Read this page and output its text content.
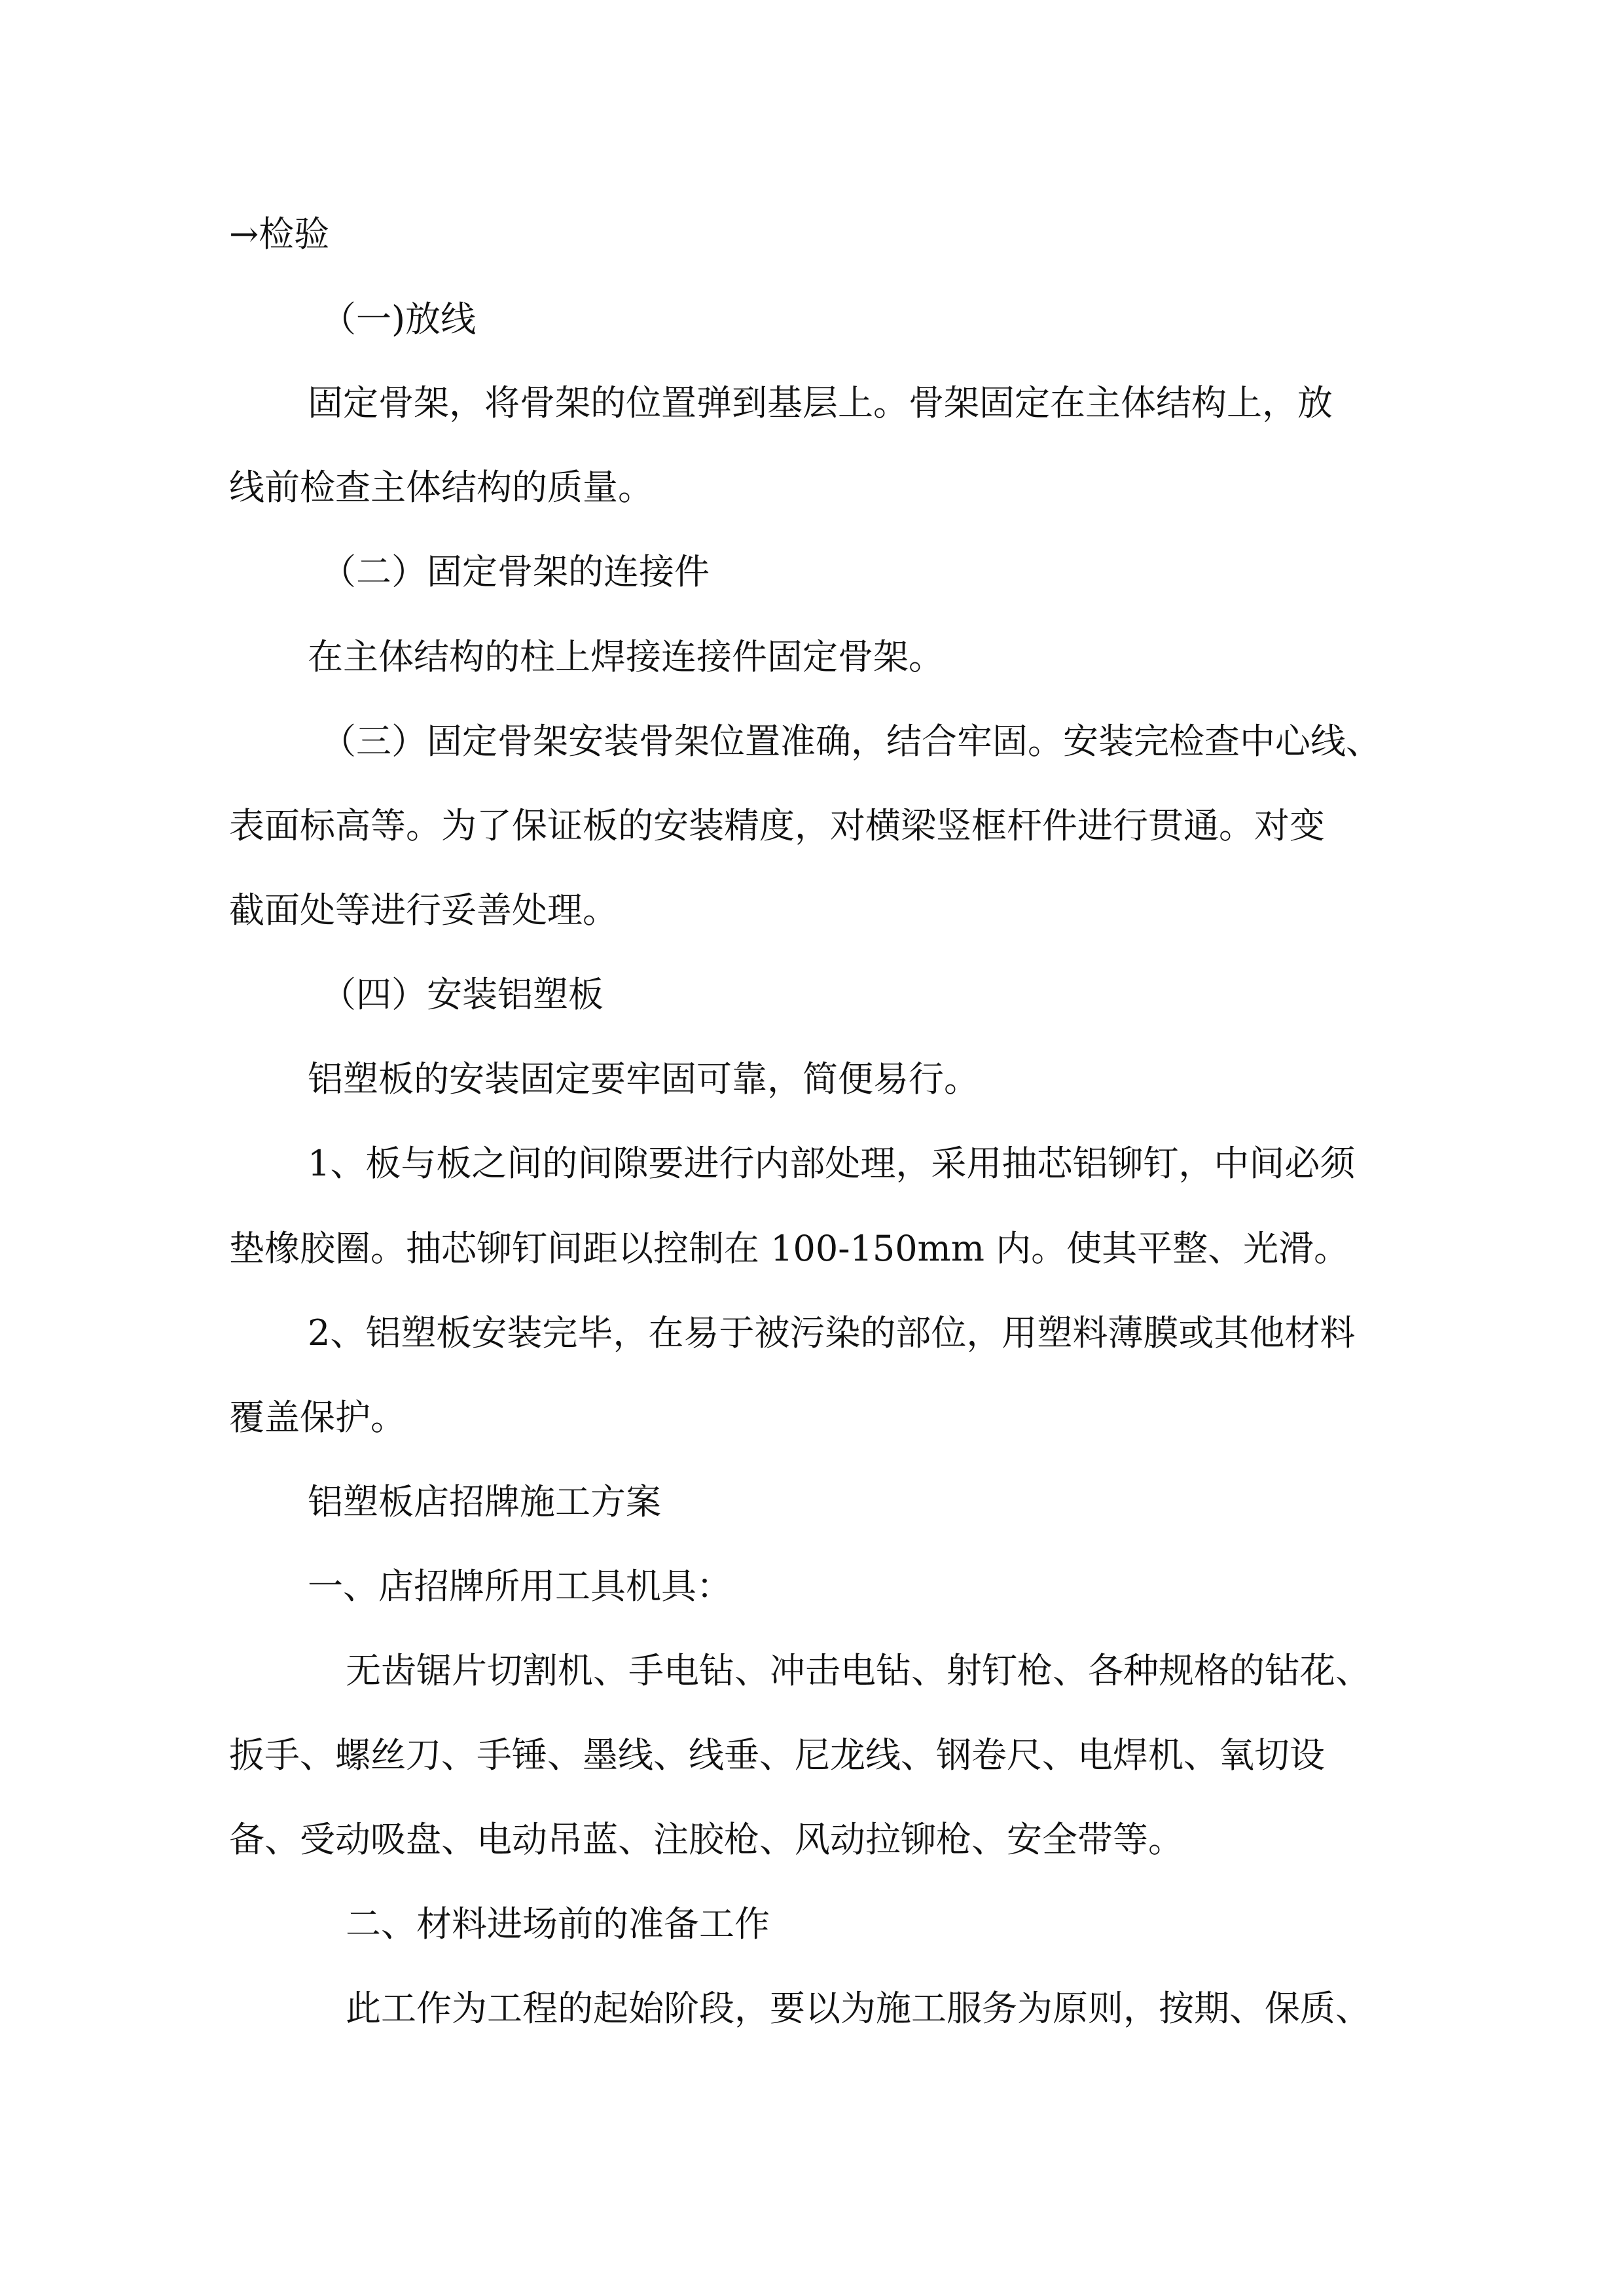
→检验

（一)放线

固定骨架，将骨架的位置弹到基层上。骨架固定在主体结构上，放

线前检查主体结构的质量。

（二）固定骨架的连接件

在主体结构的柱上焊接连接件固定骨架。

（三）固定骨架安装骨架位置准确，结合牢固。安装完检查中心线、

表面标高等。为了保证板的安装精度，对横梁竖框杆件进行贯通。对变

截面处等进行妥善处理。

（四）安装铝塑板

铝塑板的安装固定要牢固可靠，简便易行。

1、板与板之间的间隙要进行内部处理，采用抽芯铝铆钉，中间必须

垫橡胶圈。抽芯铆钉间距以控制在 100-150mm 内。使其平整、光滑。

2、铝塑板安装完毕，在易于被污染的部位，用塑料薄膜或其他材料

覆盖保护。

铝塑板店招牌施工方案

一、店招牌所用工具机具：

无齿锯片切割机、手电钻、冲击电钻、射钉枪、各种规格的钻花、

扳手、螺丝刀、手锤、墨线、线垂、尼龙线、钢卷尺、电焊机、氧切设

备、受动吸盘、电动吊蓝、注胶枪、风动拉铆枪、安全带等。

二、材料进场前的准备工作

此工作为工程的起始阶段，要以为施工服务为原则，按期、保质、
